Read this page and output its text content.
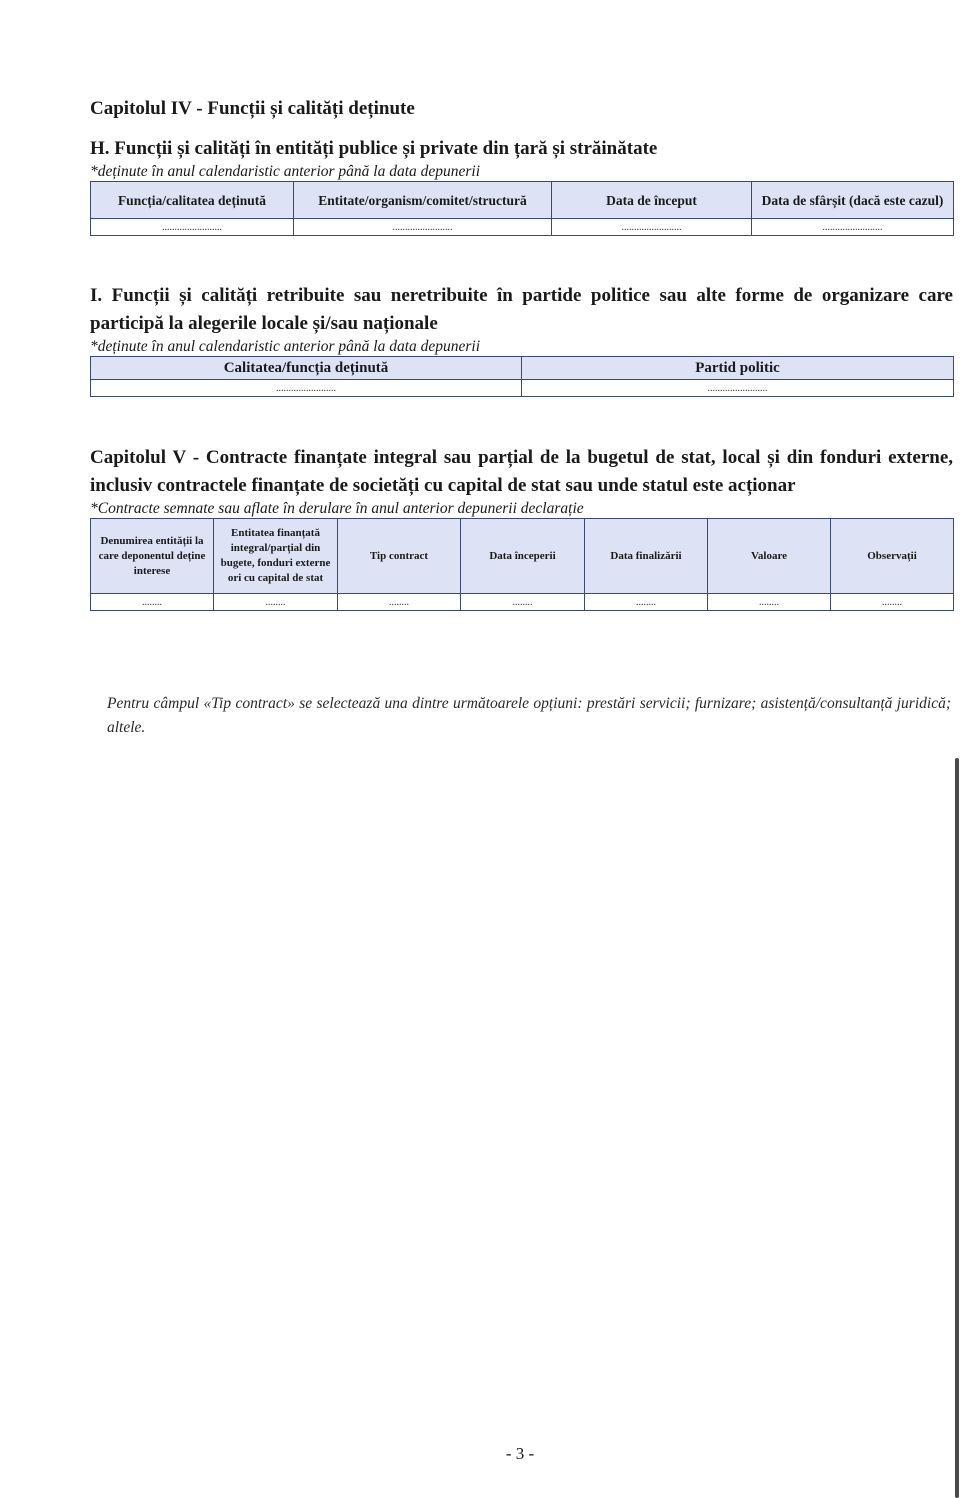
Capitolul IV - Funcții și calități deținute
H. Funcții și calități în entități publice și private din țară și străinătate

*deținute în anul calendaristic anterior până la data depunerii

Funcția/calitatea deținută	Entitate/organism/comitet/structură	Data de început	Data de sfârșit (dacă este cazul)
........................	........................	........................	........................
I. Funcții și calități retribuite sau neretribuite în partide politice sau alte forme de organizare care participă la alegerile locale și/sau naționale

*deținute în anul calendaristic anterior până la data depunerii

Calitatea/funcția deținută	Partid politic
........................	........................
Capitolul V - Contracte finanțate integral sau parțial de la bugetul de stat, local și din fonduri externe, inclusiv contractele finanțate de societăți cu capital de stat sau unde statul este acționar

*Contracte semnate sau aflate în derulare în anul anterior depunerii declarație

Denumirea entității la care deponentul deține interese	Entitatea finanțată integral/parțial din bugete, fonduri externe ori cu capital de stat	Tip contract	Data începerii	Data finalizării	Valoare	Observații
........	........	........	........	........	........	........

Pentru câmpul «Tip contract» se selectează una dintre următoarele opțiuni: prestări servicii; furnizare; asistență/consultanță juridică; altele.

- 3 -
